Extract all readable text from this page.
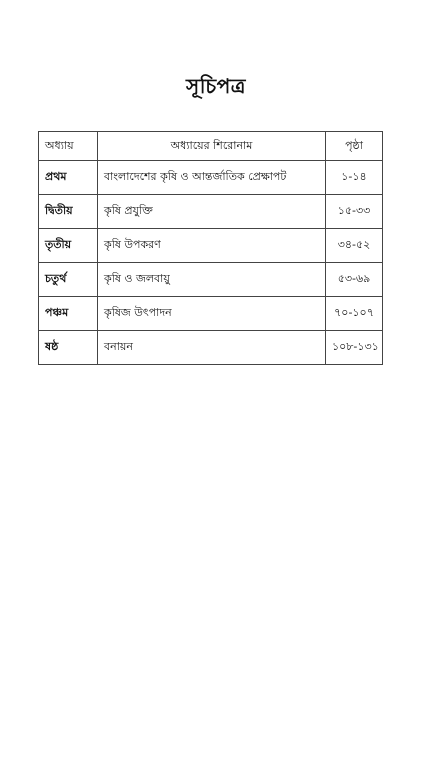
সূচিপত্র
অধ্যায়	অধ্যায়ের শিরোনাম	পৃষ্ঠা
প্রথম	বাংলাদেশের কৃষি ও আন্তর্জাতিক প্রেক্ষাপট	১-১৪
দ্বিতীয়	কৃষি প্রযুক্তি	১৫-৩৩
তৃতীয়	কৃষি উপকরণ	৩৪-৫২
চতুর্থ	কৃষি ও জলবায়ু	৫৩-৬৯
পঞ্চম	কৃষিজ উৎপাদন	৭০-১০৭
ষষ্ঠ	বনায়ন	১০৮-১৩১
